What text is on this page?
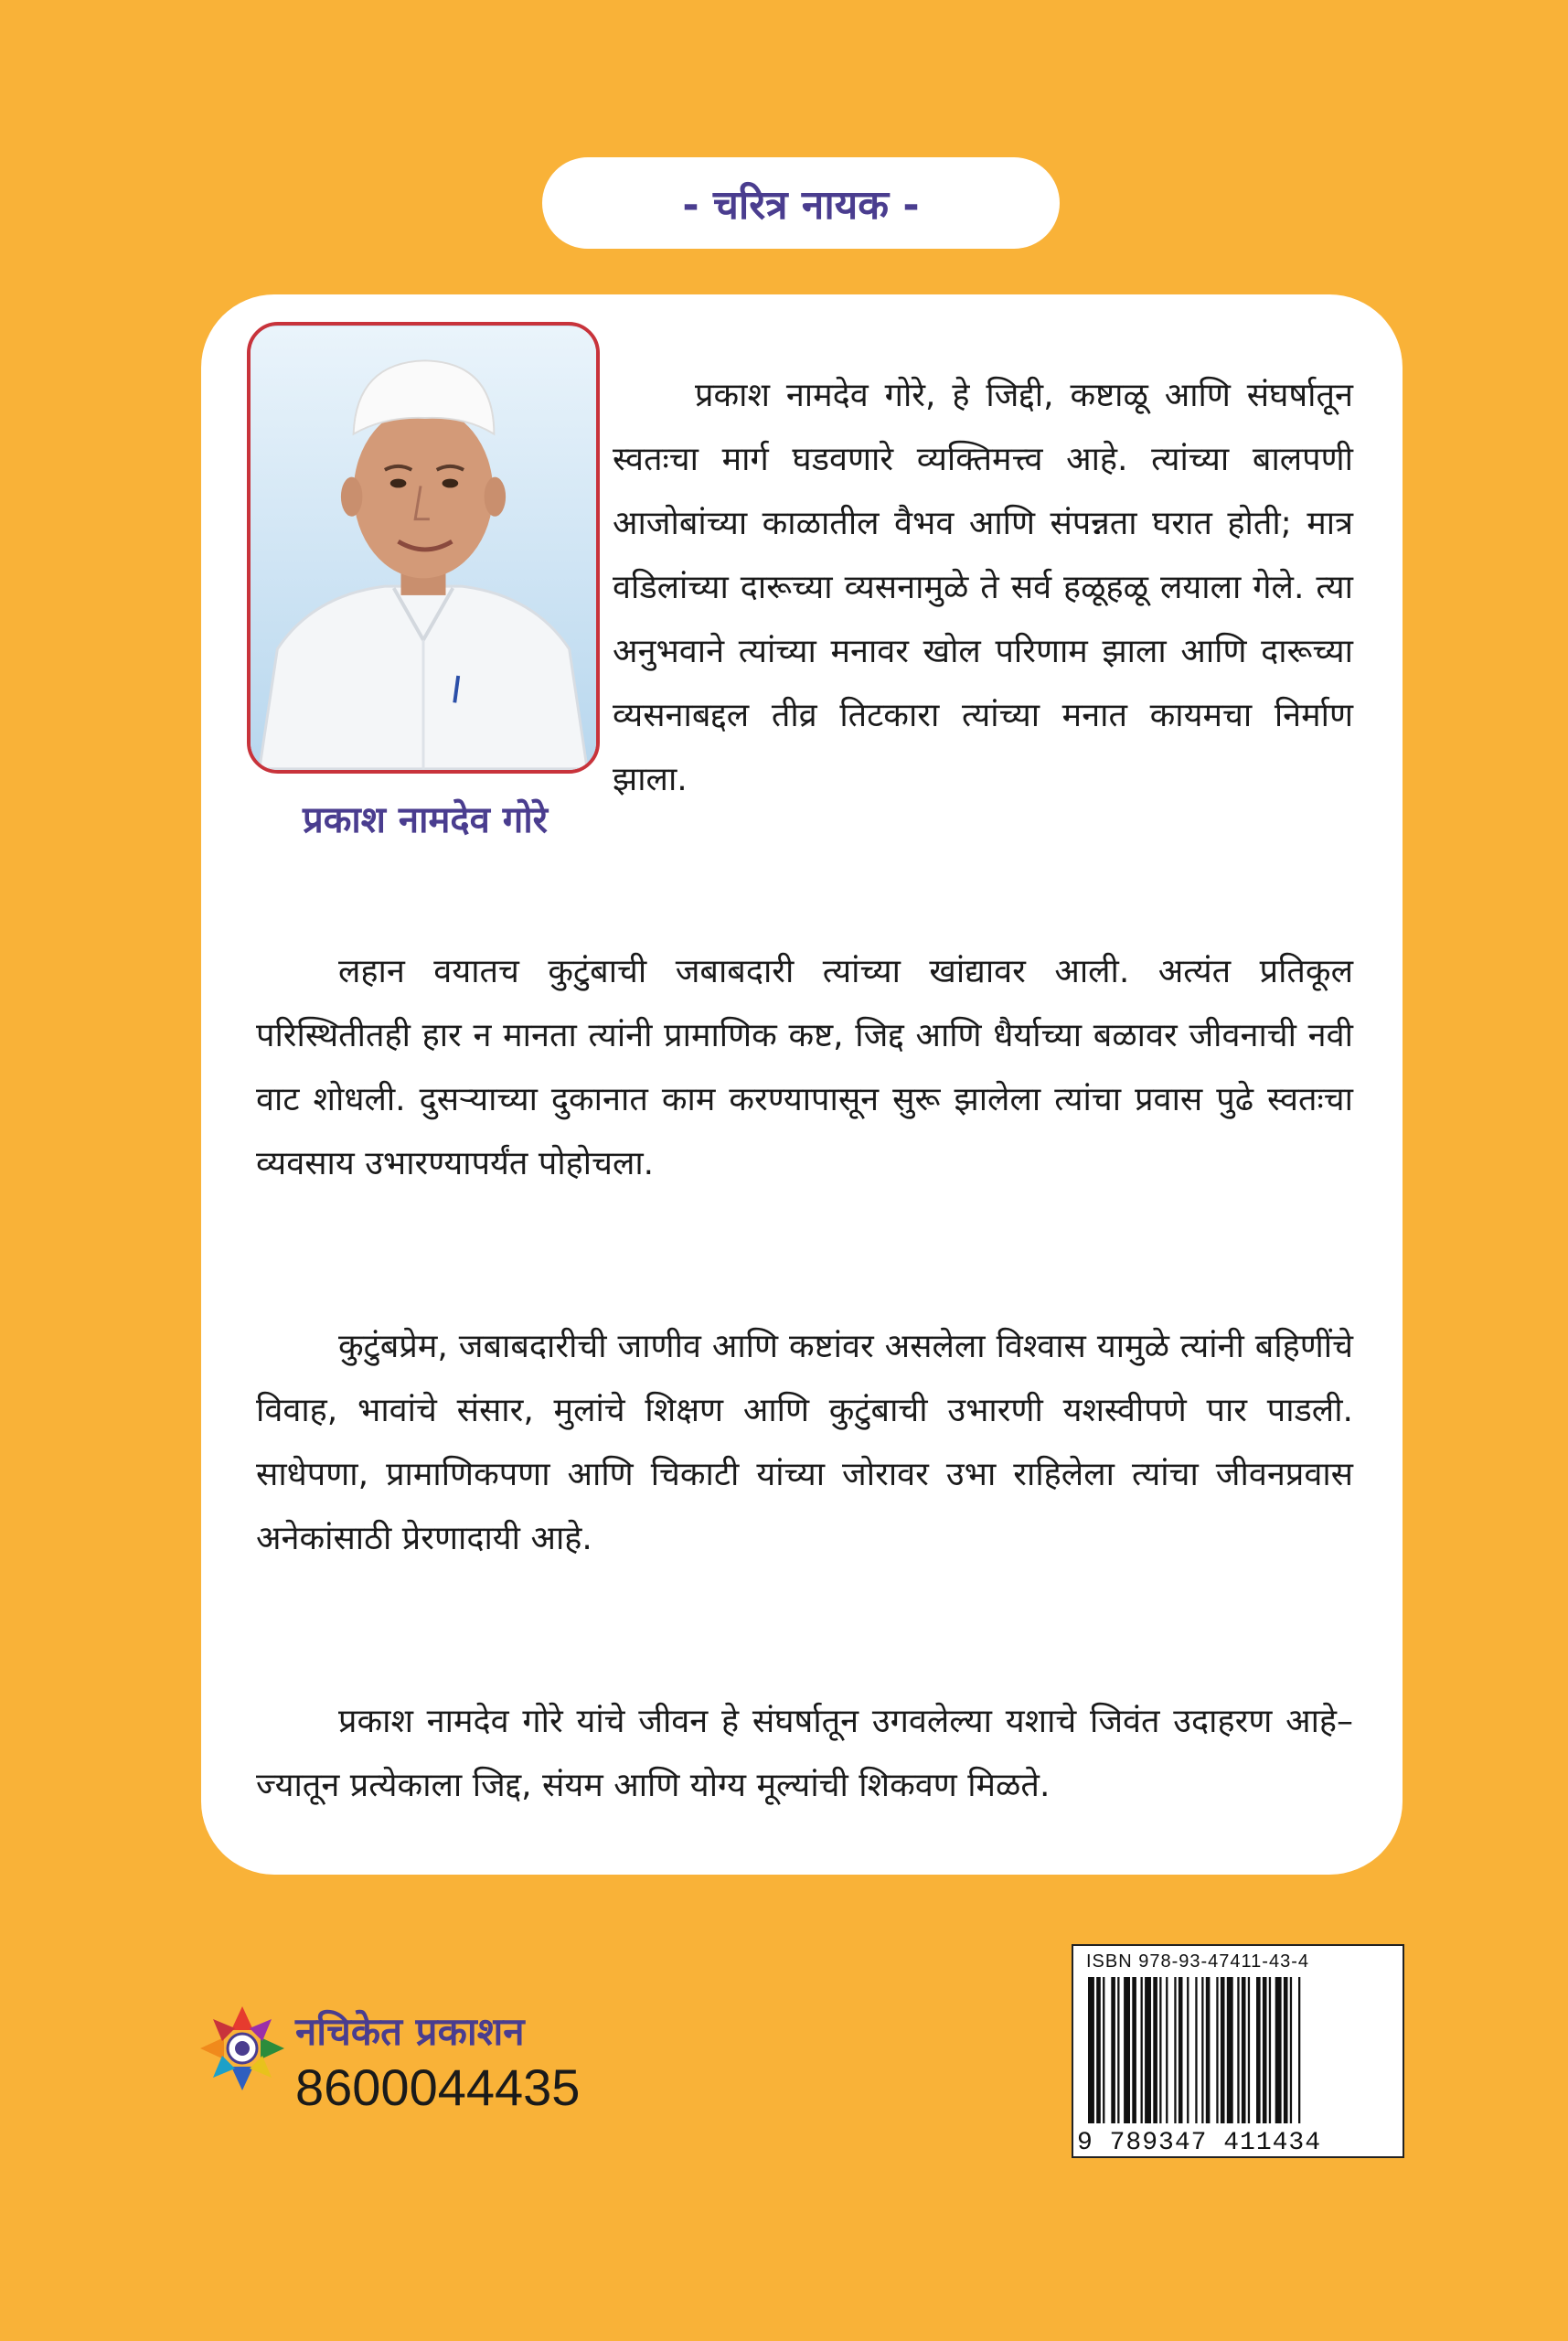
- चरित्र नायक -
प्रकाश नामदेव गोरे

प्रकाश नामदेव गोरे, हे जिद्दी, कष्टाळू आणि संघर्षातून स्वतःचा मार्ग घडवणारे व्यक्तिमत्त्व आहे. त्यांच्या बालपणी आजोबांच्या काळातील वैभव आणि संपन्नता घरात होती; मात्र वडिलांच्या दारूच्या व्यसनामुळे ते सर्व हळूहळू लयाला गेले. त्या अनुभवाने त्यांच्या मनावर खोल परिणाम झाला आणि दारूच्या व्यसनाबद्दल तीव्र तिटकारा त्यांच्या मनात कायमचा निर्माण झाला.

लहान वयातच कुटुंबाची जबाबदारी त्यांच्या खांद्यावर आली. अत्यंत प्रतिकूल परिस्थितीतही हार न मानता त्यांनी प्रामाणिक कष्ट, जिद्द आणि धैर्याच्या बळावर जीवनाची नवी वाट शोधली. दुसऱ्याच्या दुकानात काम करण्यापासून सुरू झालेला त्यांचा प्रवास पुढे स्वतःचा व्यवसाय उभारण्यापर्यंत पोहोचला.

कुटुंबप्रेम, जबाबदारीची जाणीव आणि कष्टांवर असलेला विश्वास यामुळे त्यांनी बहिणींचे विवाह, भावांचे संसार, मुलांचे शिक्षण आणि कुटुंबाची उभारणी यशस्वीपणे पार पाडली. साधेपणा, प्रामाणिकपणा आणि चिकाटी यांच्या जोरावर उभा राहिलेला त्यांचा जीवनप्रवास अनेकांसाठी प्रेरणादायी आहे.

प्रकाश नामदेव गोरे यांचे जीवन हे संघर्षातून उगवलेल्या यशाचे जिवंत उदाहरण आहे– ज्यातून प्रत्येकाला जिद्द, संयम आणि योग्य मूल्यांची शिकवण मिळते.

नचिकेत प्रकाशन
8600044435
ISBN 978-93-47411-43-4
9 789347 411434
